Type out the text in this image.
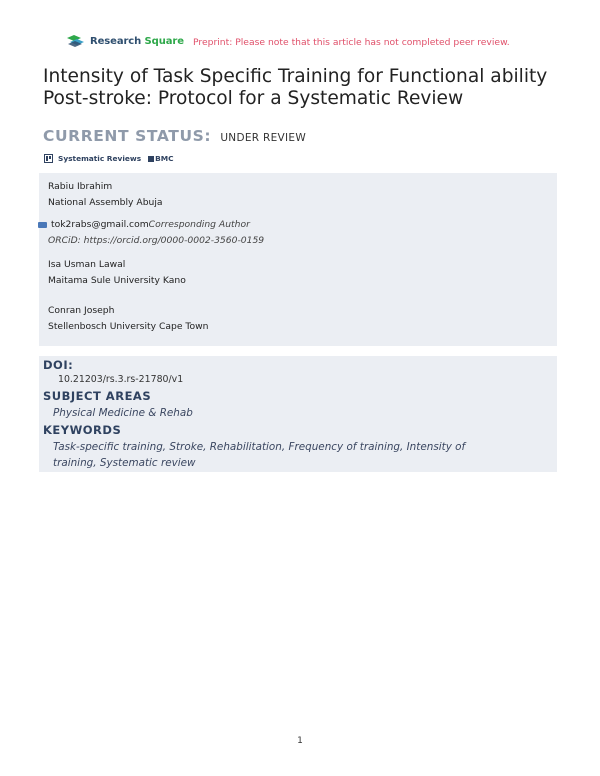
Research Square Preprint: Please note that this article has not completed peer review.
Intensity of Task Specific Training for Functional ability Post-stroke: Protocol for a Systematic Review
CURRENT STATUS: UNDER REVIEW
Systematic Reviews BMC
Rabiu Ibrahim
National Assembly Abuja
tok2rabs@gmail.com Corresponding Author
ORCiD: https://orcid.org/0000-0002-3560-0159
Isa Usman Lawal
Maitama Sule University Kano
Conran Joseph
Stellenbosch University Cape Town
DOI:
10.21203/rs.3.rs-21780/v1
SUBJECT AREAS
Physical Medicine & Rehab
KEYWORDS
Task-specific training, Stroke, Rehabilitation, Frequency of training, Intensity of
training, Systematic review
1
